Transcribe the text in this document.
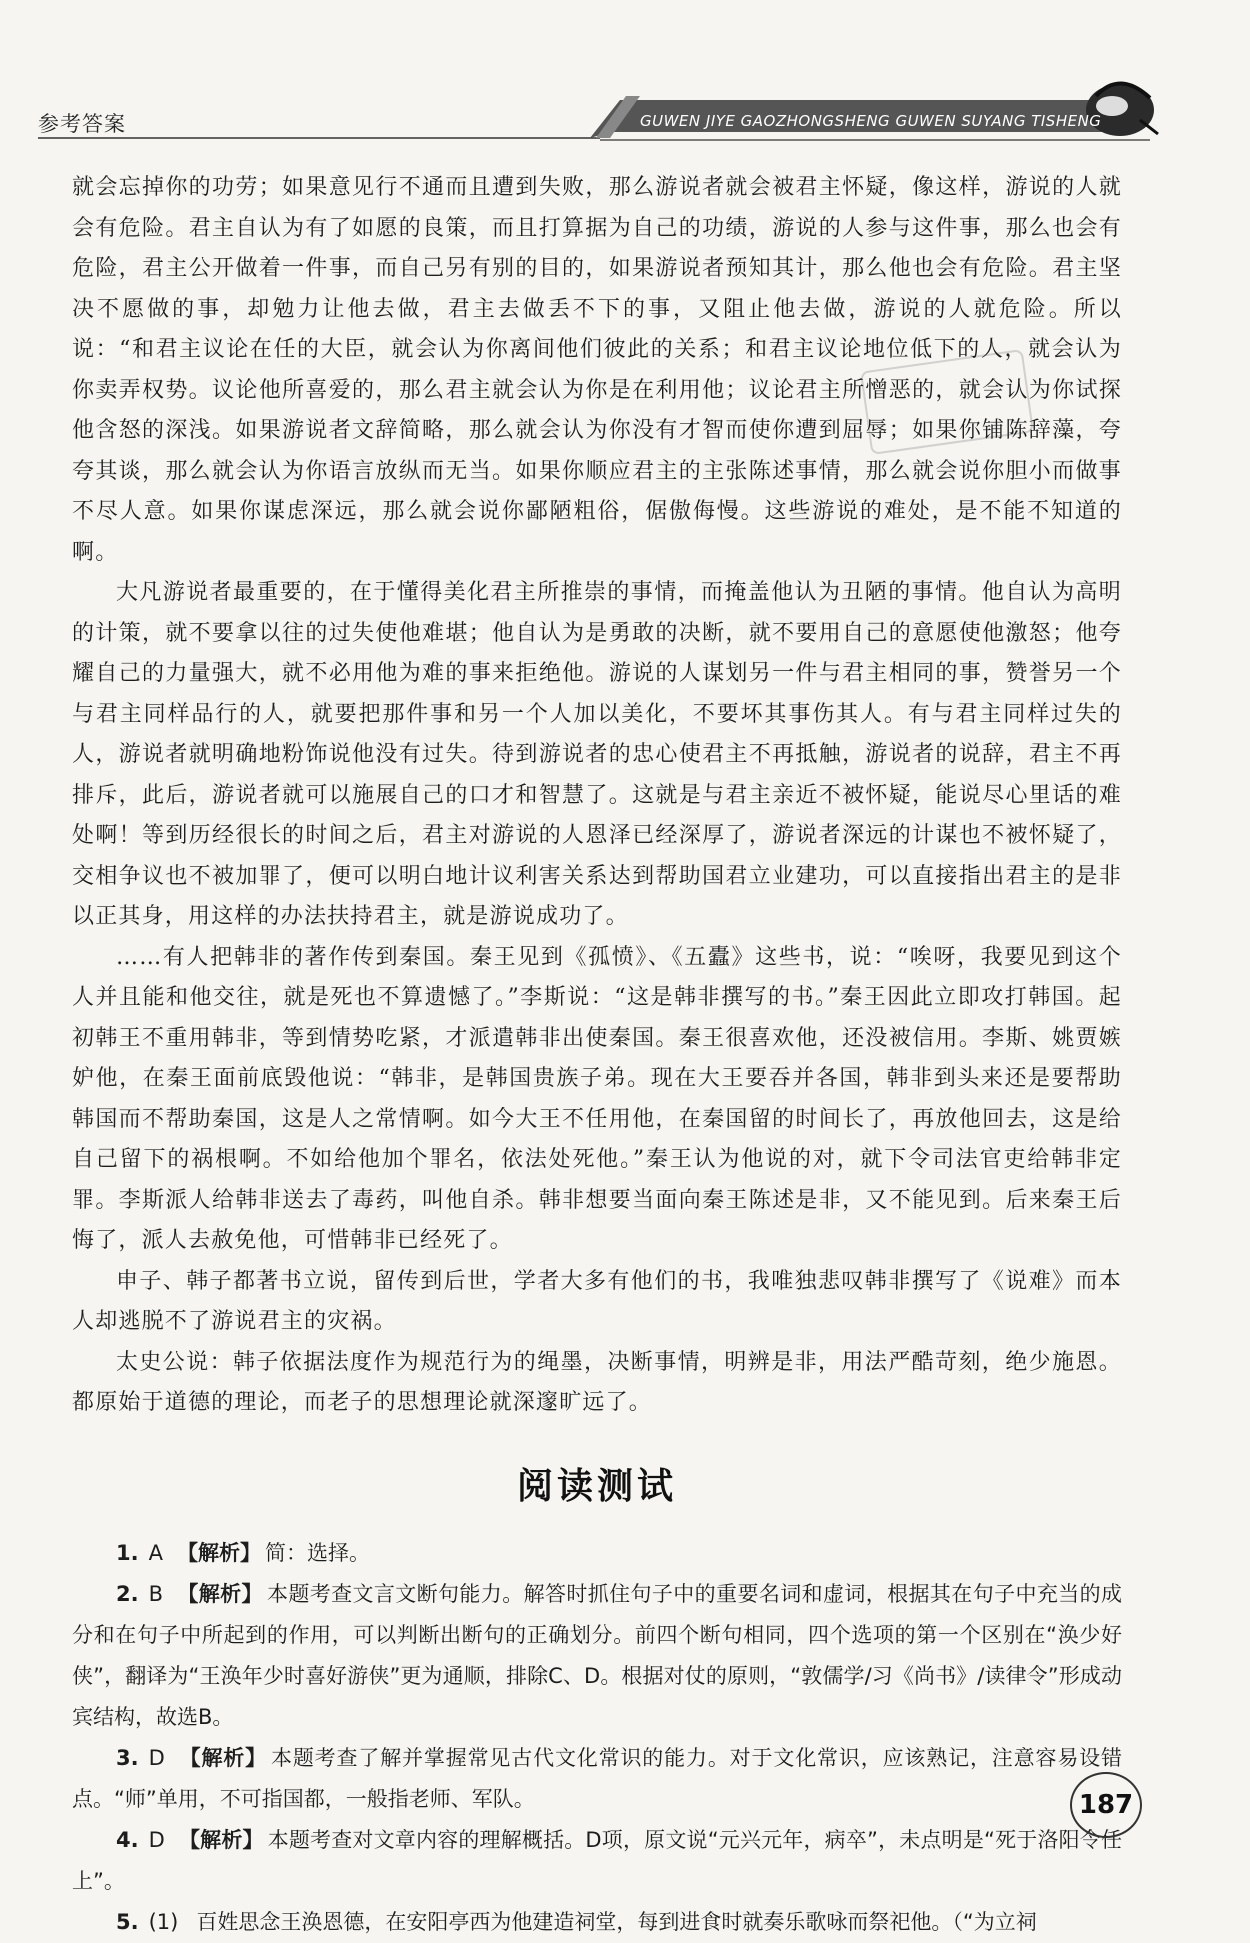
参考答案	GUWEN JIYE GAOZHONGSHENG GUWEN SUYANG TISHENG

就会忘掉你的功劳；如果意见行不通而且遭到失败，那么游说者就会被君主怀疑，像这样，游说的人就会有危险。君主自认为有了如愿的良策，而且打算据为自己的功绩，游说的人参与这件事，那么也会有危险，君主公开做着一件事，而自己另有别的目的，如果游说者预知其计，那么他也会有危险。君主坚决不愿做的事，却勉力让他去做，君主去做丢不下的事，又阻止他去做，游说的人就危险。所以说：“和君主议论在任的大臣，就会认为你离间他们彼此的关系；和君主议论地位低下的人，就会认为你卖弄权势。议论他所喜爱的，那么君主就会认为你是在利用他；议论君主所憎恶的，就会认为你试探他含怒的深浅。如果游说者文辞简略，那么就会认为你没有才智而使你遭到屈辱；如果你铺陈辞藻，夸夸其谈，那么就会认为你语言放纵而无当。如果你顺应君主的主张陈述事情，那么就会说你胆小而做事不尽人意。如果你谋虑深远，那么就会说你鄙陋粗俗，倨傲侮慢。这些游说的难处，是不能不知道的啊。

大凡游说者最重要的，在于懂得美化君主所推崇的事情，而掩盖他认为丑陋的事情。他自认为高明的计策，就不要拿以往的过失使他难堪；他自认为是勇敢的决断，就不要用自己的意愿使他激怒；他夸耀自己的力量强大，就不必用他为难的事来拒绝他。游说的人谋划另一件与君主相同的事，赞誉另一个与君主同样品行的人，就要把那件事和另一个人加以美化，不要坏其事伤其人。有与君主同样过失的人，游说者就明确地粉饰说他没有过失。待到游说者的忠心使君主不再抵触，游说者的说辞，君主不再排斥，此后，游说者就可以施展自己的口才和智慧了。这就是与君主亲近不被怀疑，能说尽心里话的难处啊！等到历经很长的时间之后，君主对游说的人恩泽已经深厚了，游说者深远的计谋也不被怀疑了，交相争议也不被加罪了，便可以明白地计议利害关系达到帮助国君立业建功，可以直接指出君主的是非以正其身，用这样的办法扶持君主，就是游说成功了。

……有人把韩非的著作传到秦国。秦王见到《孤愤》、《五蠹》这些书，说：“唉呀，我要见到这个人并且能和他交往，就是死也不算遗憾了。”李斯说：“这是韩非撰写的书。”秦王因此立即攻打韩国。起初韩王不重用韩非，等到情势吃紧，才派遣韩非出使秦国。秦王很喜欢他，还没被信用。李斯、姚贾嫉妒他，在秦王面前底毁他说：“韩非，是韩国贵族子弟。现在大王要吞并各国，韩非到头来还是要帮助韩国而不帮助秦国，这是人之常情啊。如今大王不任用他，在秦国留的时间长了，再放他回去，这是给自己留下的祸根啊。不如给他加个罪名，依法处死他。”秦王认为他说的对，就下令司法官吏给韩非定罪。李斯派人给韩非送去了毒药，叫他自杀。韩非想要当面向秦王陈述是非，又不能见到。后来秦王后悔了，派人去赦免他，可惜韩非已经死了。

申子、韩子都著书立说，留传到后世，学者大多有他们的书，我唯独悲叹韩非撰写了《说难》而本人却逃脱不了游说君主的灾祸。

太史公说：韩子依据法度作为规范行为的绳墨，决断事情，明辨是非，用法严酷苛刻，绝少施恩。都原始于道德的理论，而老子的思想理论就深邃旷远了。

阅读测试

1. A 【解析】 简：选择。

2. B 【解析】 本题考查文言文断句能力。解答时抓住句子中的重要名词和虚词，根据其在句子中充当的成分和在句子中所起到的作用，可以判断出断句的正确划分。前四个断句相同，四个选项的第一个区别在“涣少好侠”，翻译为“王涣年少时喜好游侠”更为通顺，排除C、D。根据对仗的原则，“敦儒学/习《尚书》/读律令”形成动宾结构，故选B。

3. D 【解析】 本题考查了解并掌握常见古代文化常识的能力。对于文化常识，应该熟记，注意容易设错点。“师”单用，不可指国都，一般指老师、军队。

4. D 【解析】 本题考查对文章内容的理解概括。D项，原文说“元兴元年，病卒”，未点明是“死于洛阳令任上”。

5. (1) 百姓思念王涣恩德，在安阳亭西为他建造祠堂，每到进食时就奏乐歌咏而祭祀他。（“为立祠

187
